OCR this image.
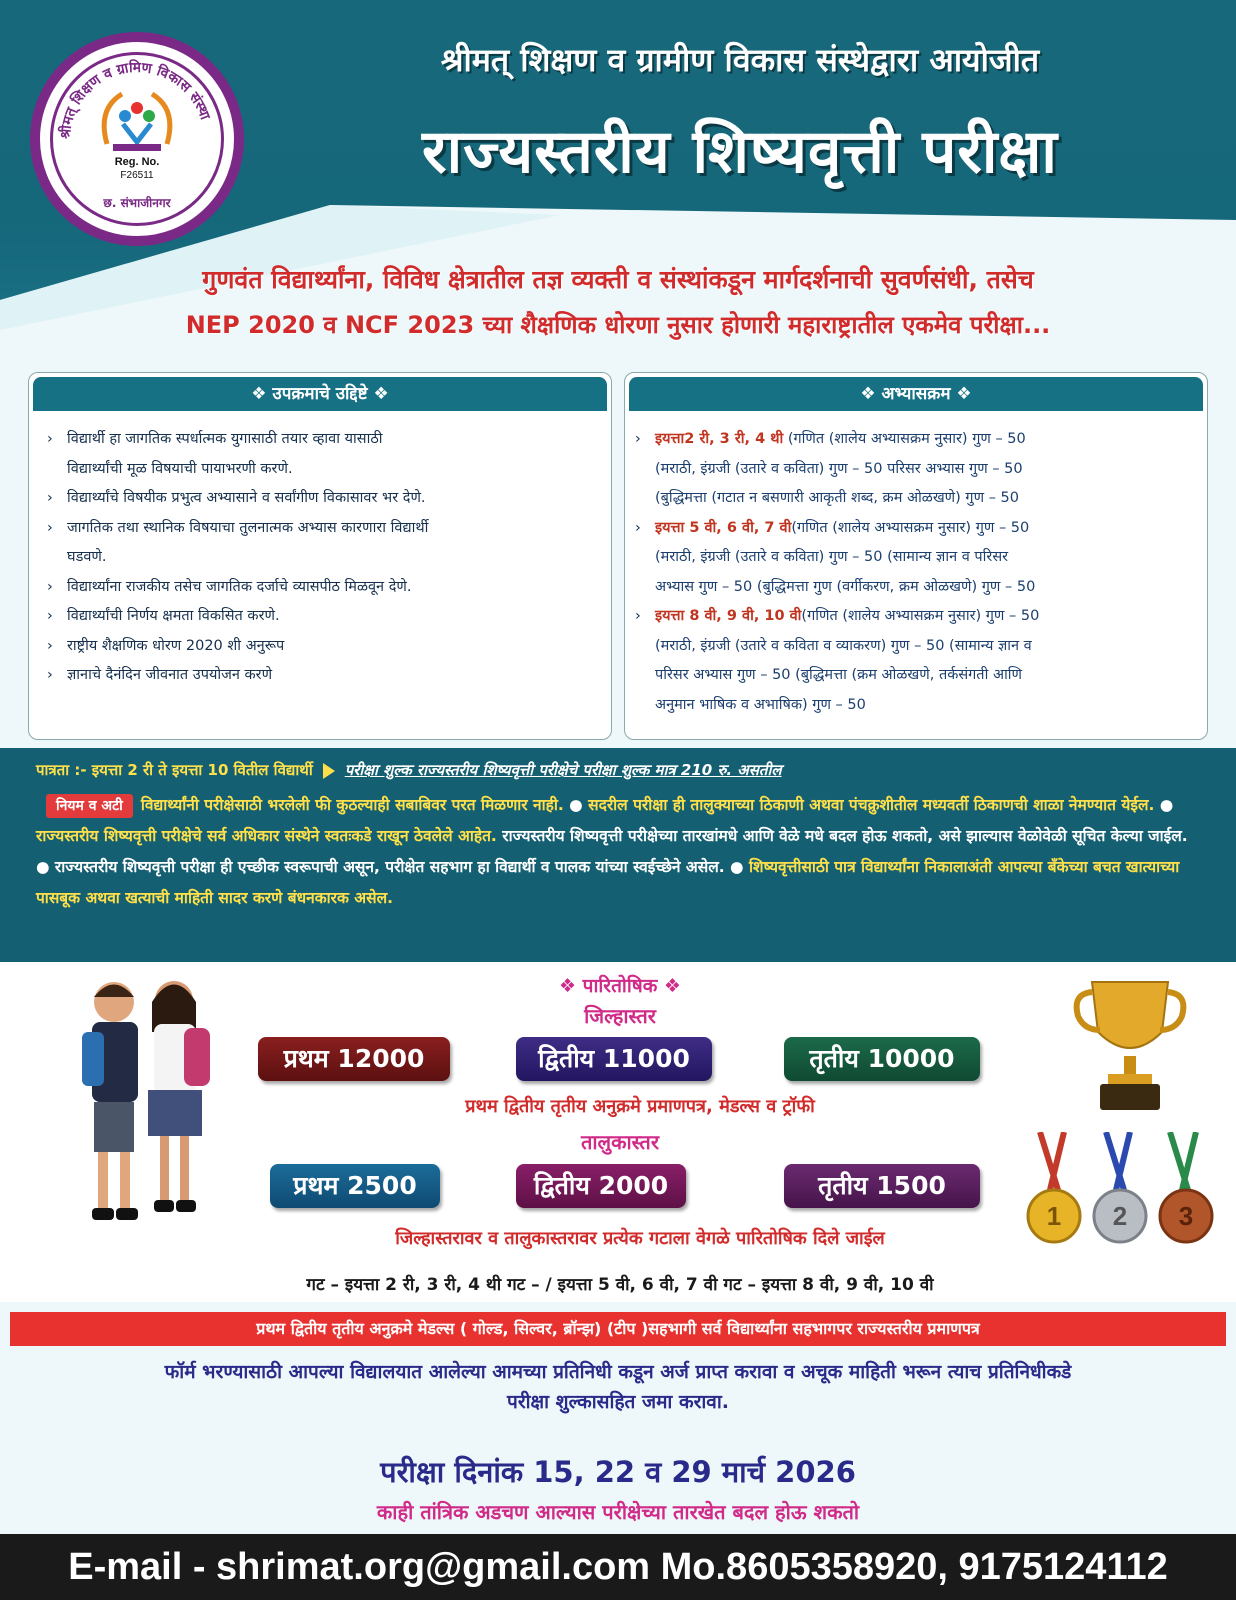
श्रीमत् शिक्षण व ग्रामिण विकास संस्था
Reg. No.
F26511
छ. संभाजीनगर
श्रीमत् शिक्षण व ग्रामीण विकास संस्थेद्वारा आयोजीत
राज्यस्तरीय शिष्यवृत्ती परीक्षा
गुणवंत विद्यार्थ्यांना, विविध क्षेत्रातील तज्ञ व्यक्ती व संस्थांकडून मार्गदर्शनाची सुवर्णसंधी, तसेच
NEP 2020 व NCF 2023 च्या शैक्षणिक धोरणा नुसार होणारी महाराष्ट्रातील एकमेव परीक्षा...
❖ उपक्रमाचे उद्दिष्टे ❖
› विद्यार्थी हा जागतिक स्पर्धात्मक युगासाठी तयार व्हावा यासाठी
विद्यार्थ्यांची मूळ विषयाची पायाभरणी करणे.
› विद्यार्थ्यांचे विषयीक प्रभुत्व अभ्यासाने व सर्वांगीण विकासावर भर देणे.
› जागतिक तथा स्थानिक विषयाचा तुलनात्मक अभ्यास कारणारा विद्यार्थी
घडवणे.
› विद्यार्थ्यांना राजकीय तसेच जागतिक दर्जाचे व्यासपीठ मिळवून देणे.
› विद्यार्थ्यांची निर्णय क्षमता विकसित करणे.
› राष्ट्रीय शैक्षणिक धोरण 2020 शी अनुरूप
› ज्ञानाचे दैनंदिन जीवनात उपयोजन करणे
❖ अभ्यासक्रम ❖
› इयत्ता2 री, 3 री, 4 थी (गणित (शालेय अभ्यासक्रम नुसार) गुण – 50
(मराठी, इंग्रजी (उतारे व कविता) गुण – 50 परिसर अभ्यास गुण – 50
(बुद्धिमत्ता (गटात न बसणारी आकृती शब्द, क्रम ओळखणे) गुण – 50
› इयत्ता 5 वी, 6 वी, 7 वी(गणित (शालेय अभ्यासक्रम नुसार) गुण – 50
(मराठी, इंग्रजी (उतारे व कविता) गुण – 50 (सामान्य ज्ञान व परिसर
अभ्यास गुण – 50 (बुद्धिमत्ता गुण (वर्गीकरण, क्रम ओळखणे) गुण – 50
› इयत्ता 8 वी, 9 वी, 10 वी(गणित (शालेय अभ्यासक्रम नुसार) गुण – 50
(मराठी, इंग्रजी (उतारे व कविता व व्याकरण) गुण – 50 (सामान्य ज्ञान व
परिसर अभ्यास गुण – 50 (बुद्धिमत्ता (क्रम ओळखणे, तर्कसंगती आणि
अनुमान भाषिक व अभाषिक) गुण – 50
पात्रता :- इयत्ता 2 री ते इयत्ता 10 वितील विद्यार्थी परीक्षा शुल्क राज्यस्तरीय शिष्यवृत्ती परीक्षेचे परीक्षा शुल्क मात्र 210 रु. असतील
नियम व अटी विद्यार्थ्यांनी परीक्षेसाठी भरलेली फी कुठल्याही सबाबिवर परत मिळणार नाही. ● सदरील परीक्षा ही तालुक्याच्या ठिकाणी अथवा पंचक्रुशीतील मध्यवर्ती ठिकाणची शाळा नेमण्यात येईल. ● राज्यस्तरीय शिष्यवृत्ती परीक्षेचे सर्व अधिकार संस्थेने स्वतःकडे राखून ठेवलेले आहेत. राज्यस्तरीय शिष्यवृत्ती परीक्षेच्या तारखांमधे आणि वेळे मधे बदल होऊ शकतो, असे झाल्यास वेळोवेळी सूचित केल्या जाईल. ● राज्यस्तरीय शिष्यवृत्ती परीक्षा ही एच्छीक स्वरूपाची असून, परीक्षेत सहभाग हा विद्यार्थी व पालक यांच्या स्वईच्छेने असेल. ● शिष्यवृत्तीसाठी पात्र विद्यार्थ्यांना निकालाअंती आपल्या बँकेच्या बचत खात्याच्या पासबूक अथवा खत्याची माहिती सादर करणे बंधनकारक असेल.
❖ पारितोषिक ❖
जिल्हास्तर
प्रथम 12000	द्वितीय 11000	तृतीय 10000
प्रथम द्वितीय तृतीय अनुक्रमे प्रमाणपत्र, मेडल्स व ट्रॉफी
तालुकास्तर
प्रथम 2500	द्वितीय 2000	तृतीय 1500
जिल्हास्तरावर व तालुकास्तरावर प्रत्येक गटाला वेगळे पारितोषिक दिले जाईल
गट – इयत्ता 2 री, 3 री, 4 थी गट – / इयत्ता 5 वी, 6 वी, 7 वी गट – इयत्ता 8 वी, 9 वी, 10 वी
1 2 3
प्रथम द्वितीय तृतीय अनुक्रमे मेडल्स ( गोल्ड, सिल्वर, ब्रॉन्झ) (टीप )सहभागी सर्व विद्यार्थ्यांना सहभागपर राज्यस्तरीय प्रमाणपत्र
फॉर्म भरण्यासाठी आपल्या विद्यालयात आलेल्या आमच्या प्रतिनिधी कडून अर्ज प्राप्त करावा व अचूक माहिती भरून त्याच प्रतिनिधीकडे
परीक्षा शुल्कासहित जमा करावा.
परीक्षा दिनांक 15, 22 व 29 मार्च 2026
काही तांत्रिक अडचण आल्यास परीक्षेच्या तारखेत बदल होऊ शकतो
E-mail - shrimat.org@gmail.com Mo.8605358920, 9175124112
